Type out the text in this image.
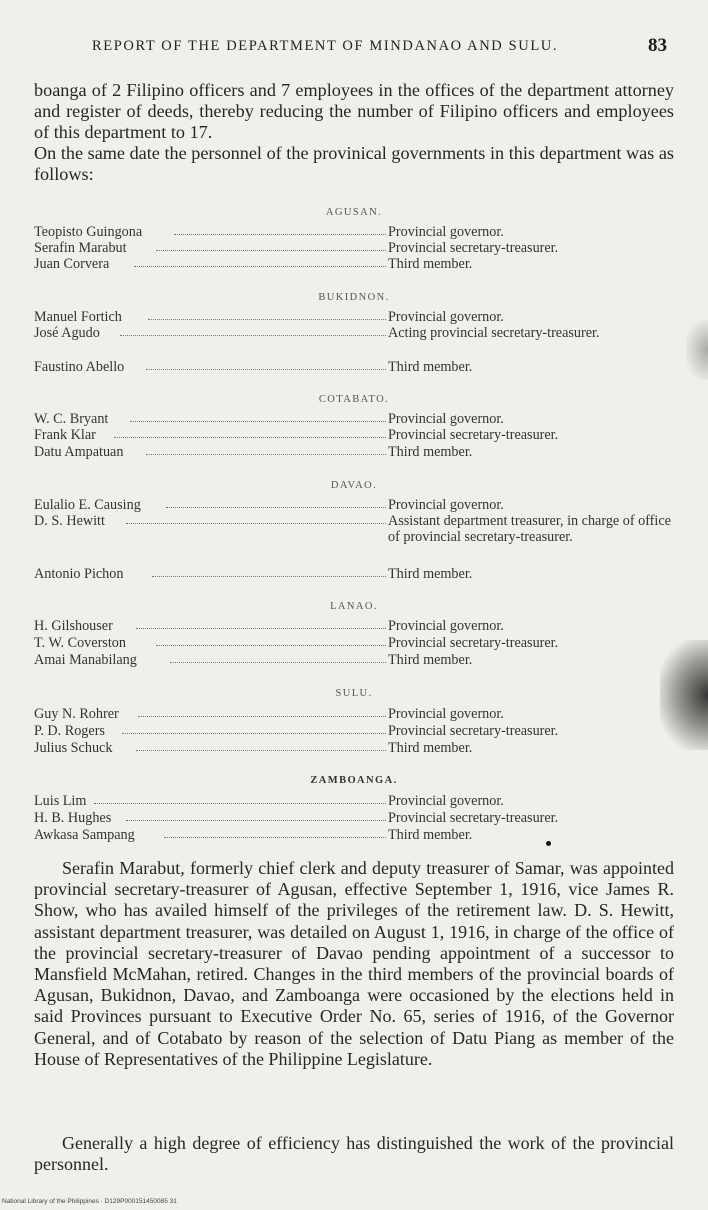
REPORT OF THE DEPARTMENT OF MINDANAO AND SULU.	83
boanga of 2 Filipino officers and 7 employees in the offices of the department attorney and register of deeds, thereby reducing the number of Filipino officers and employees of this department to 17.
On the same date the personnel of the provinical governments in this department was as follows:
AGUSAN.
Teopisto Guingona	Provincial governor.
Serafin Marabut	Provincial secretary-treasurer.
Juan Corvera	Third member.
BUKIDNON.
Manuel Fortich	Provincial governor.
José Agudo	Acting provincial secretary-treasurer.
Faustino Abello	Third member.
COTABATO.
W. C. Bryant	Provincial governor.
Frank Klar	Provincial secretary-treasurer.
Datu Ampatuan	Third member.
DAVAO.
Eulalio E. Causing	Provincial governor.
D. S. Hewitt	Assistant department treasurer, in charge of office of provincial secretary-treasurer.
Antonio Pichon	Third member.
LANAO.
H. Gilshouser	Provincial governor.
T. W. Coverston	Provincial secretary-treasurer.
Amai Manabilang	Third member.
SULU.
Guy N. Rohrer	Provincial governor.
P. D. Rogers	Provincial secretary-treasurer.
Julius Schuck	Third member.
ZAMBOANGA.
Luis Lim	Provincial governor.
H. B. Hughes	Provincial secretary-treasurer.
Awkasa Sampang	Third member.
Serafin Marabut, formerly chief clerk and deputy treasurer of Samar, was appointed provincial secretary-treasurer of Agusan, effective September 1, 1916, vice James R. Show, who has availed himself of the privileges of the retirement law. D. S. Hewitt, assistant department treasurer, was detailed on August 1, 1916, in charge of the office of the provincial secretary-treasurer of Davao pending appointment of a successor to Mansfield McMahan, retired. Changes in the third members of the provincial boards of Agusan, Bukidnon, Davao, and Zamboanga were occasioned by the elections held in said Provinces pursuant to Executive Order No. 65, series of 1916, of the Governor General, and of Cotabato by reason of the selection of Datu Piang as member of the House of Representatives of the Philippine Legislature.
Generally a high degree of efficiency has distinguished the work of the provincial personnel.
National Library of the Philippines · D129P000151450085 31
